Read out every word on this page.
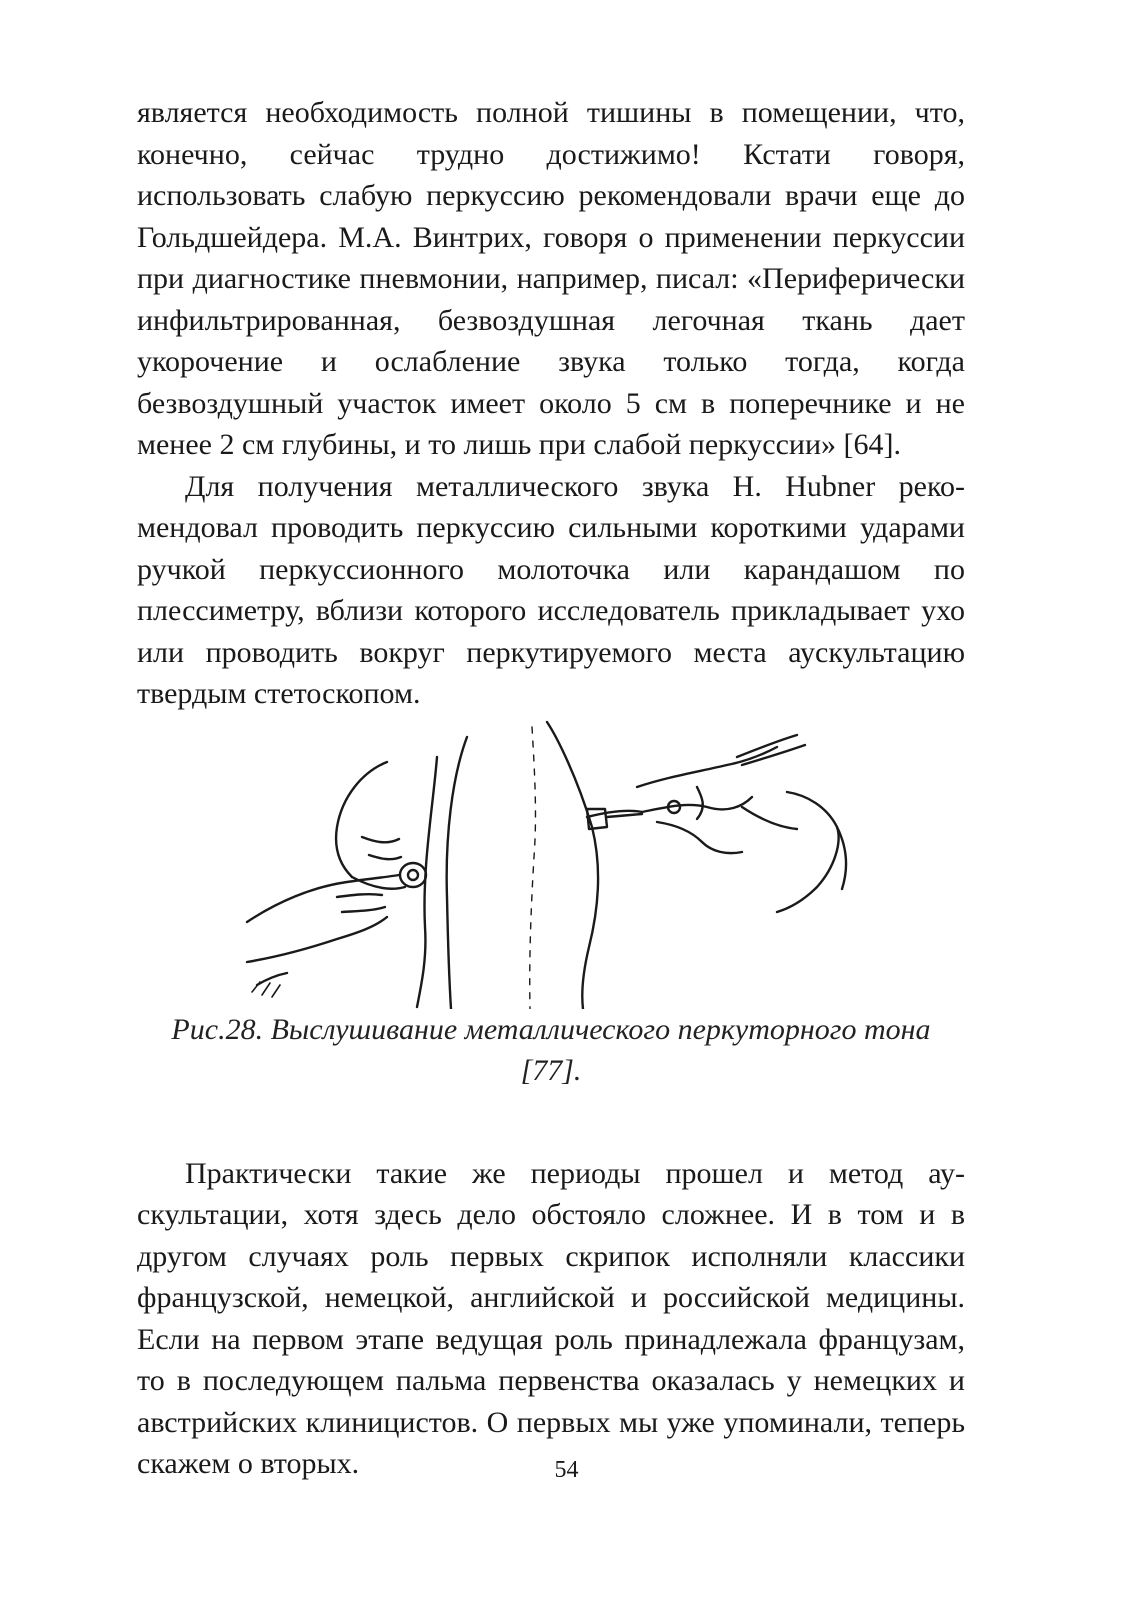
является необходимость полной тишины в помещении, что, конечно, сейчас трудно достижимо! Кстати говоря, использовать слабую перкуссию рекомендовали врачи еще до Гольдшейдера. М.А. Винтрих, говоря о применении перкуссии при диагностике пневмонии, например, писал: «Периферически инфильтрированная, безвоздушная легочная ткань дает укорочение и ослабление звука только тогда, когда безвоздушный участок имеет около 5 см в поперечнике и не менее 2 см глубины, и то лишь при слабой перкуссии» [64].

Для получения металлического звука H. Hubner рекомендовал проводить перкуссию сильными короткими ударами ручкой перкуссионного молоточка или карандашом по плессиметру, вблизи которого исследователь прикладывает ухо или проводить вокруг перкутируемого места аускультацию твердым стетоскопом.

Рис.28. Выслушивание металлического перкуторного тона

[77].

Практически такие же периоды прошел и метод аускультации, хотя здесь дело обстояло сложнее. И в том и в другом случаях роль первых скрипок исполняли классики французской, немецкой, английской и российской медицины. Если на первом этапе ведущая роль принадлежала французам, то в последующем пальма первенства оказалась у немецких и австрийских клиницистов. О первых мы уже упоминали, теперь скажем о вторых.	54
